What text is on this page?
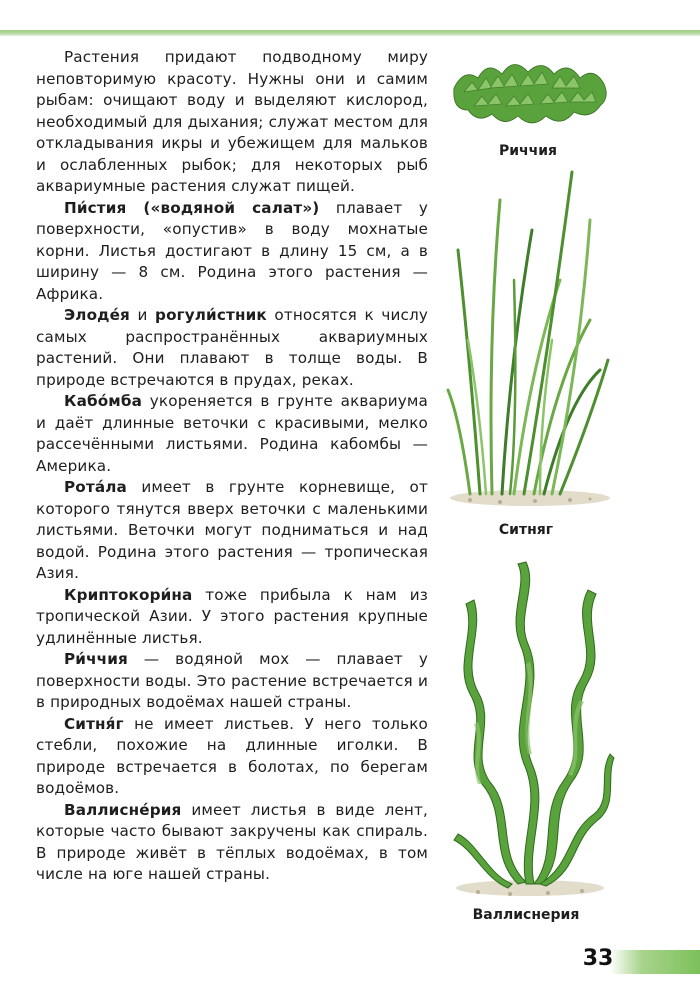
Растения придают подводному миру неповторимую красоту. Нужны они и самим рыбам: очищают воду и выделяют кислород, необходимый для дыхания; служат местом для откладывания икры и убежищем для мальков и ослабленных рыбок; для некоторых рыб аквариумные растения служат пищей.

Пи́стия («водяной салат») плавает у поверхности, «опустив» в воду мохнатые корни. Листья достигают в длину 15 см, а в ширину — 8 см. Родина этого растения — Африка.

Элоде́я и рогули́стник относятся к числу самых распространённых аквариумных растений. Они плавают в толще воды. В природе встречаются в прудах, реках.

Кабо́мба укореняется в грунте аквариума и даёт длинные веточки с красивыми, мелко рассечёнными листьями. Родина кабомбы — Америка.

Рота́ла имеет в грунте корневище, от которого тянутся вверх веточки с маленькими листьями. Веточки могут подниматься и над водой. Родина этого растения — тропическая Азия.

Криптокори́на тоже прибыла к нам из тропической Азии. У этого растения крупные удлинённые листья.

Ри́ччия — водяной мох — плавает у поверхности воды. Это растение встречается и в природных водоёмах нашей страны.

Ситня́г не имеет листьев. У него только стебли, похожие на длинные иголки. В природе встречается в болотах, по берегам водоёмов.

Валлисне́рия имеет листья в виде лент, которые часто бывают закручены как спираль. В природе живёт в тёплых водоёмах, в том числе на юге нашей страны.

Риччия
Ситняг
Валлиснерия
33
